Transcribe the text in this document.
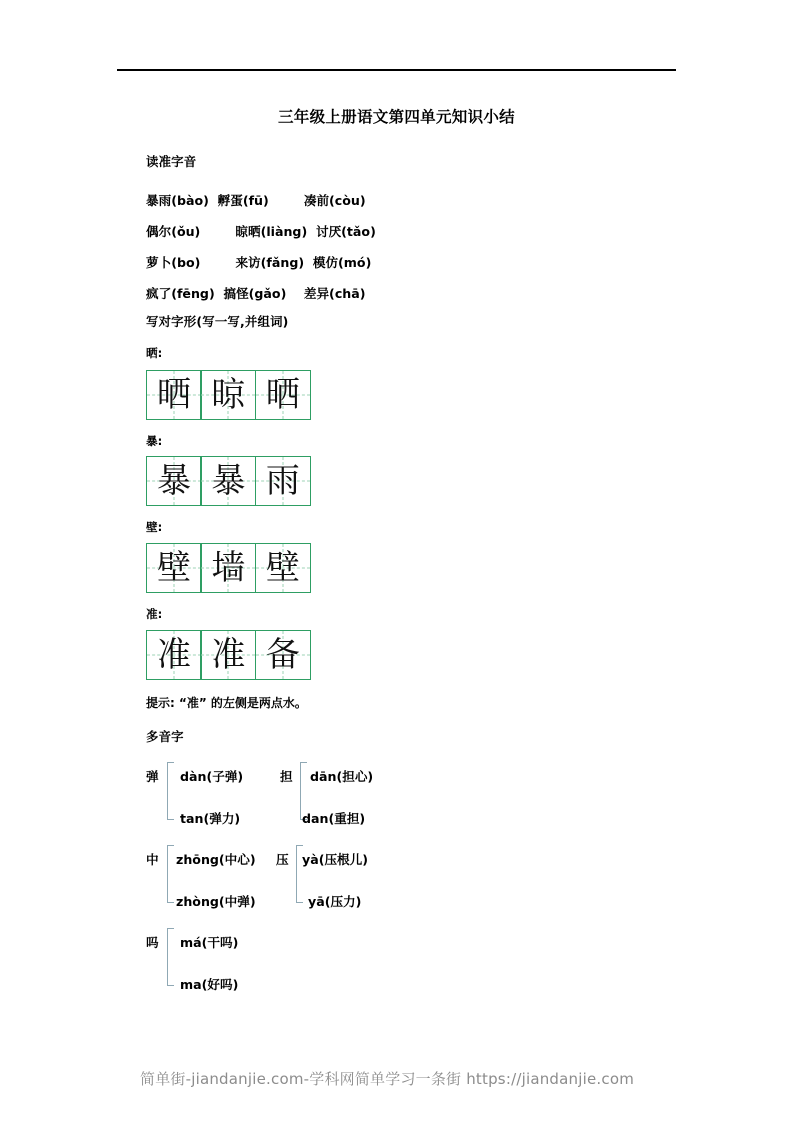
三年级上册语文第四单元知识小结
读准字音
暴雨(bào)  孵蛋(fū)        凑前(còu)
偶尔(ǒu)        晾晒(liàng)  讨厌(tǎo)
萝卜(bo)        来访(fǎng)  模仿(mó)
疯了(fēng)  搞怪(gǎo)    差异(chā)
写对字形(写一写,并组词)
晒:
晒 晾 晒
暴:
暴 暴 雨
壁:
壁 墙 壁
准:
准 准 备
提示: “准” 的左侧是两点水。
多音字
弹 dàn(子弹)
tan(弹力)
担 dān(担心)
dan(重担)
中 zhōng(中心)
zhòng(中弹)
压 yà(压根儿)
yā(压力)
吗 má(干吗)
ma(好吗)
简单街-jiandanjie.com-学科网简单学习一条街 https://jiandanjie.com
